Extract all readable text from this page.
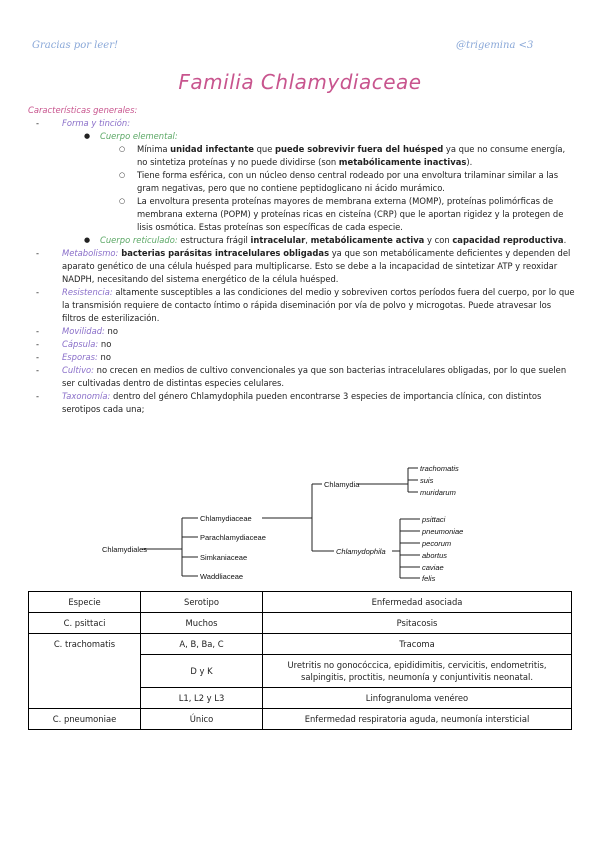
Gracias por leer!	@trigemina <3
Familia Chlamydiaceae
Características generales:
-	Forma y tinción:
● Cuerpo elemental:
○ Mínima unidad infectante que puede sobrevivir fuera del huésped ya que no consume energía, no sintetiza proteínas y no puede dividirse (son metabólicamente inactivas).
○ Tiene forma esférica, con un núcleo denso central rodeado por una envoltura trilaminar similar a las gram negativas, pero que no contiene peptidoglicano ni ácido murámico.
○ La envoltura presenta proteínas mayores de membrana externa (MOMP), proteínas polimórficas de membrana externa (POPM) y proteínas ricas en cisteína (CRP) que le aportan rigidez y la protegen de lisis osmótica. Estas proteínas son específicas de cada especie.
● Cuerpo reticulado: estructura frágil intracelular, metabólicamente activa y con capacidad reproductiva.
-	Metabolismo: bacterias parásitas intracelulares obligadas ya que son metabólicamente deficientes y dependen del aparato genético de una célula huésped para multiplicarse. Esto se debe a la incapacidad de sintetizar ATP y reoxidar NADPH, necesitando del sistema energético de la célula huésped.
-	Resistencia: altamente susceptibles a las condiciones del medio y sobreviven cortos períodos fuera del cuerpo, por lo que la transmisión requiere de contacto íntimo o rápida diseminación por vía de polvo y microgotas. Puede atravesar los filtros de esterilización.
-	Movilidad: no
-	Cápsula: no
-	Esporas: no
-	Cultivo: no crecen en medios de cultivo convencionales ya que son bacterias intracelulares obligadas, por lo que suelen ser cultivadas dentro de distintas especies celulares.
-	Taxonomía: dentro del género Chlamydophila pueden encontrarse 3 especies de importancia clínica, con distintos serotipos cada una;
Chlamydiales
Chlamydiaceae
Parachlamydiaceae
Simkaniaceae
Waddliaceae
Chlamydia
Chlamydophila
trachomatis
suis
muridarum
psittaci
pneumoniae
pecorum
abortus
caviae
felis
Especie	Serotipo	Enfermedad asociada
C. psittaci	Muchos	Psitacosis
C. trachomatis	A, B, Ba, C	Tracoma
	D y K	Uretritis no gonocóccica, epididimitis, cervicitis, endometritis, salpingitis, proctitis, neumonía y conjuntivitis neonatal.
	L1, L2 y L3	Linfogranuloma venéreo
C. pneumoniae	Único	Enfermedad respiratoria aguda, neumonía intersticial
